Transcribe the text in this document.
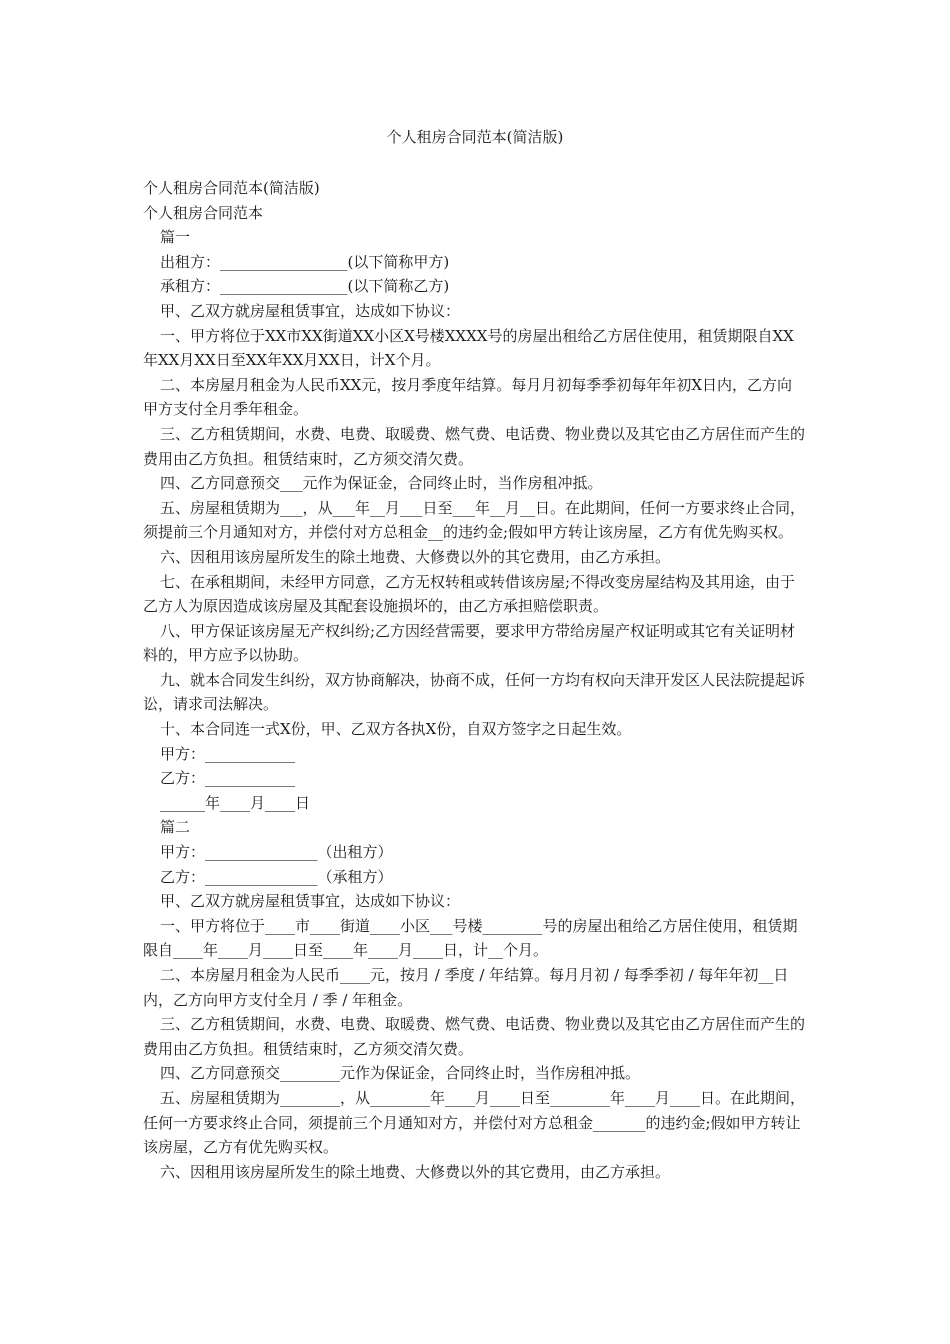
个人租房合同范本(简洁版)

个人租房合同范本(简洁版)

个人租房合同范本

篇一

出租方：_________________(以下简称甲方)

承租方：_________________(以下简称乙方)

甲、乙双方就房屋租赁事宜，达成如下协议：

一、甲方将位于XX市XX街道XX小区X号楼XXXX号的房屋出租给乙方居住使用，租赁期限自XX年XX月XX日至XX年XX月XX日，计X个月。

二、本房屋月租金为人民币XX元，按月季度年结算。每月月初每季季初每年年初X日内，乙方向甲方支付全月季年租金。

三、乙方租赁期间，水费、电费、取暖费、燃气费、电话费、物业费以及其它由乙方居住而产生的费用由乙方负担。租赁结束时，乙方须交清欠费。

四、乙方同意预交___元作为保证金，合同终止时，当作房租冲抵。

五、房屋租赁期为___，从___年__月___日至___年__月__日。在此期间，任何一方要求终止合同，须提前三个月通知对方，并偿付对方总租金__的违约金;假如甲方转让该房屋，乙方有优先购买权。

六、因租用该房屋所发生的除土地费、大修费以外的其它费用，由乙方承担。

七、在承租期间，未经甲方同意，乙方无权转租或转借该房屋;不得改变房屋结构及其用途，由于乙方人为原因造成该房屋及其配套设施损坏的，由乙方承担赔偿职责。

八、甲方保证该房屋无产权纠纷;乙方因经营需要，要求甲方带给房屋产权证明或其它有关证明材料的，甲方应予以协助。

九、就本合同发生纠纷，双方协商解决，协商不成，任何一方均有权向天津开发区人民法院提起诉讼，请求司法解决。

十、本合同连一式X份，甲、乙双方各执X份，自双方签字之日起生效。

甲方：____________

乙方：____________

______年____月____日

篇二

甲方：_______________（出租方）

乙方：_______________（承租方）

甲、乙双方就房屋租赁事宜，达成如下协议：

一、甲方将位于____市____街道____小区___号楼________号的房屋出租给乙方居住使用，租赁期限自____年____月____日至____年____月____日，计__个月。

二、本房屋月租金为人民币____元，按月 / 季度 / 年结算。每月月初 / 每季季初 / 每年年初__日内，乙方向甲方支付全月 / 季 / 年租金。

三、乙方租赁期间，水费、电费、取暖费、燃气费、电话费、物业费以及其它由乙方居住而产生的费用由乙方负担。租赁结束时，乙方须交清欠费。

四、乙方同意预交________元作为保证金，合同终止时，当作房租冲抵。

五、房屋租赁期为________，从________年____月____日至________年____月____日。在此期间，任何一方要求终止合同，须提前三个月通知对方，并偿付对方总租金_______的违约金;假如甲方转让该房屋，乙方有优先购买权。

六、因租用该房屋所发生的除土地费、大修费以外的其它费用，由乙方承担。
